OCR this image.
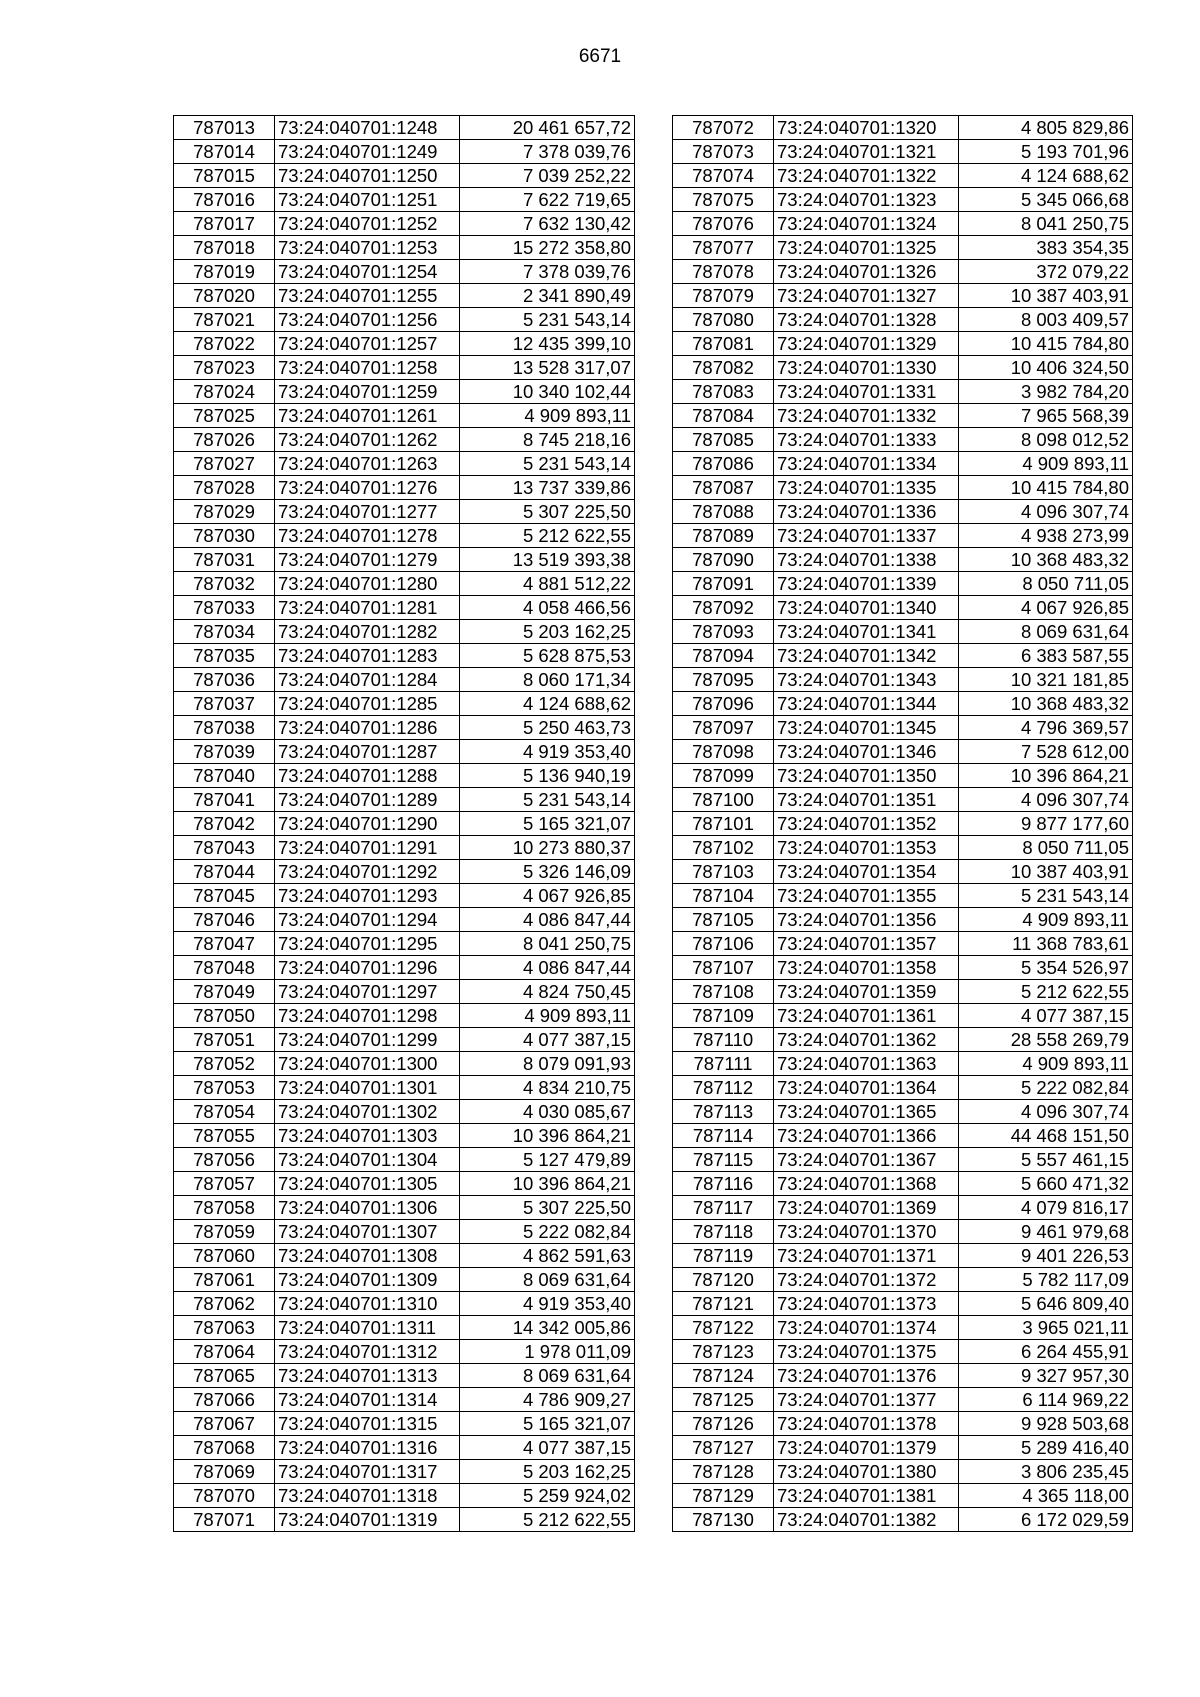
6671
787013	73:24:040701:1248	20 461 657,72
787014	73:24:040701:1249	7 378 039,76
787015	73:24:040701:1250	7 039 252,22
787016	73:24:040701:1251	7 622 719,65
787017	73:24:040701:1252	7 632 130,42
787018	73:24:040701:1253	15 272 358,80
787019	73:24:040701:1254	7 378 039,76
787020	73:24:040701:1255	2 341 890,49
787021	73:24:040701:1256	5 231 543,14
787022	73:24:040701:1257	12 435 399,10
787023	73:24:040701:1258	13 528 317,07
787024	73:24:040701:1259	10 340 102,44
787025	73:24:040701:1261	4 909 893,11
787026	73:24:040701:1262	8 745 218,16
787027	73:24:040701:1263	5 231 543,14
787028	73:24:040701:1276	13 737 339,86
787029	73:24:040701:1277	5 307 225,50
787030	73:24:040701:1278	5 212 622,55
787031	73:24:040701:1279	13 519 393,38
787032	73:24:040701:1280	4 881 512,22
787033	73:24:040701:1281	4 058 466,56
787034	73:24:040701:1282	5 203 162,25
787035	73:24:040701:1283	5 628 875,53
787036	73:24:040701:1284	8 060 171,34
787037	73:24:040701:1285	4 124 688,62
787038	73:24:040701:1286	5 250 463,73
787039	73:24:040701:1287	4 919 353,40
787040	73:24:040701:1288	5 136 940,19
787041	73:24:040701:1289	5 231 543,14
787042	73:24:040701:1290	5 165 321,07
787043	73:24:040701:1291	10 273 880,37
787044	73:24:040701:1292	5 326 146,09
787045	73:24:040701:1293	4 067 926,85
787046	73:24:040701:1294	4 086 847,44
787047	73:24:040701:1295	8 041 250,75
787048	73:24:040701:1296	4 086 847,44
787049	73:24:040701:1297	4 824 750,45
787050	73:24:040701:1298	4 909 893,11
787051	73:24:040701:1299	4 077 387,15
787052	73:24:040701:1300	8 079 091,93
787053	73:24:040701:1301	4 834 210,75
787054	73:24:040701:1302	4 030 085,67
787055	73:24:040701:1303	10 396 864,21
787056	73:24:040701:1304	5 127 479,89
787057	73:24:040701:1305	10 396 864,21
787058	73:24:040701:1306	5 307 225,50
787059	73:24:040701:1307	5 222 082,84
787060	73:24:040701:1308	4 862 591,63
787061	73:24:040701:1309	8 069 631,64
787062	73:24:040701:1310	4 919 353,40
787063	73:24:040701:1311	14 342 005,86
787064	73:24:040701:1312	1 978 011,09
787065	73:24:040701:1313	8 069 631,64
787066	73:24:040701:1314	4 786 909,27
787067	73:24:040701:1315	5 165 321,07
787068	73:24:040701:1316	4 077 387,15
787069	73:24:040701:1317	5 203 162,25
787070	73:24:040701:1318	5 259 924,02
787071	73:24:040701:1319	5 212 622,55
787072	73:24:040701:1320	4 805 829,86
787073	73:24:040701:1321	5 193 701,96
787074	73:24:040701:1322	4 124 688,62
787075	73:24:040701:1323	5 345 066,68
787076	73:24:040701:1324	8 041 250,75
787077	73:24:040701:1325	383 354,35
787078	73:24:040701:1326	372 079,22
787079	73:24:040701:1327	10 387 403,91
787080	73:24:040701:1328	8 003 409,57
787081	73:24:040701:1329	10 415 784,80
787082	73:24:040701:1330	10 406 324,50
787083	73:24:040701:1331	3 982 784,20
787084	73:24:040701:1332	7 965 568,39
787085	73:24:040701:1333	8 098 012,52
787086	73:24:040701:1334	4 909 893,11
787087	73:24:040701:1335	10 415 784,80
787088	73:24:040701:1336	4 096 307,74
787089	73:24:040701:1337	4 938 273,99
787090	73:24:040701:1338	10 368 483,32
787091	73:24:040701:1339	8 050 711,05
787092	73:24:040701:1340	4 067 926,85
787093	73:24:040701:1341	8 069 631,64
787094	73:24:040701:1342	6 383 587,55
787095	73:24:040701:1343	10 321 181,85
787096	73:24:040701:1344	10 368 483,32
787097	73:24:040701:1345	4 796 369,57
787098	73:24:040701:1346	7 528 612,00
787099	73:24:040701:1350	10 396 864,21
787100	73:24:040701:1351	4 096 307,74
787101	73:24:040701:1352	9 877 177,60
787102	73:24:040701:1353	8 050 711,05
787103	73:24:040701:1354	10 387 403,91
787104	73:24:040701:1355	5 231 543,14
787105	73:24:040701:1356	4 909 893,11
787106	73:24:040701:1357	11 368 783,61
787107	73:24:040701:1358	5 354 526,97
787108	73:24:040701:1359	5 212 622,55
787109	73:24:040701:1361	4 077 387,15
787110	73:24:040701:1362	28 558 269,79
787111	73:24:040701:1363	4 909 893,11
787112	73:24:040701:1364	5 222 082,84
787113	73:24:040701:1365	4 096 307,74
787114	73:24:040701:1366	44 468 151,50
787115	73:24:040701:1367	5 557 461,15
787116	73:24:040701:1368	5 660 471,32
787117	73:24:040701:1369	4 079 816,17
787118	73:24:040701:1370	9 461 979,68
787119	73:24:040701:1371	9 401 226,53
787120	73:24:040701:1372	5 782 117,09
787121	73:24:040701:1373	5 646 809,40
787122	73:24:040701:1374	3 965 021,11
787123	73:24:040701:1375	6 264 455,91
787124	73:24:040701:1376	9 327 957,30
787125	73:24:040701:1377	6 114 969,22
787126	73:24:040701:1378	9 928 503,68
787127	73:24:040701:1379	5 289 416,40
787128	73:24:040701:1380	3 806 235,45
787129	73:24:040701:1381	4 365 118,00
787130	73:24:040701:1382	6 172 029,59
